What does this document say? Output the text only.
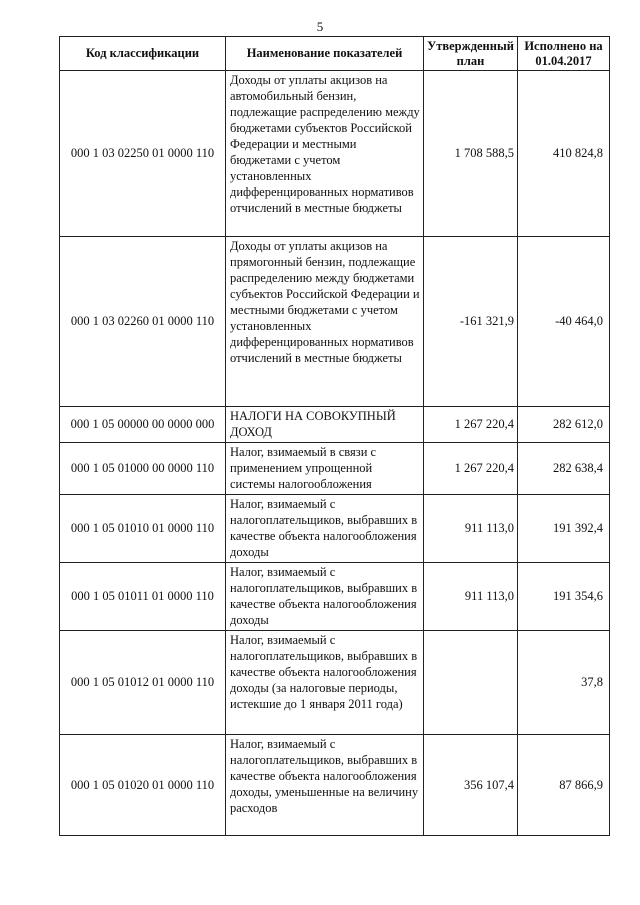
5
Код классификации	Наименование показателей	Утвержденный план	Исполнено на 01.04.2017
000 1 03 02250 01 0000 110	Доходы от уплаты акцизов на автомобильный бензин, подлежащие распределению между бюджетами субъектов Российской Федерации и местными бюджетами с учетом установленных дифференцированных нормативов отчислений в местные бюджеты	1 708 588,5	410 824,8
000 1 03 02260 01 0000 110	Доходы от уплаты акцизов на прямогонный бензин, подлежащие распределению между бюджетами субъектов Российской Федерации и местными бюджетами с учетом установленных дифференцированных нормативов отчислений в местные бюджеты	-161 321,9	-40 464,0
000 1 05 00000 00 0000 000	НАЛОГИ НА СОВОКУПНЫЙ ДОХОД	1 267 220,4	282 612,0
000 1 05 01000 00 0000 110	Налог, взимаемый в связи с применением упрощенной системы налогообложения	1 267 220,4	282 638,4
000 1 05 01010 01 0000 110	Налог, взимаемый с налогоплательщиков, выбравших в качестве объекта налогообложения доходы	911 113,0	191 392,4
000 1 05 01011 01 0000 110	Налог, взимаемый с налогоплательщиков, выбравших в качестве объекта налогообложения доходы	911 113,0	191 354,6
000 1 05 01012 01 0000 110	Налог, взимаемый с налогоплательщиков, выбравших в качестве объекта налогообложения доходы (за налоговые периоды, истекшие до 1 января 2011 года)		37,8
000 1 05 01020 01 0000 110	Налог, взимаемый с налогоплательщиков, выбравших в качестве объекта налогообложения доходы, уменьшенные на величину расходов	356 107,4	87 866,9
